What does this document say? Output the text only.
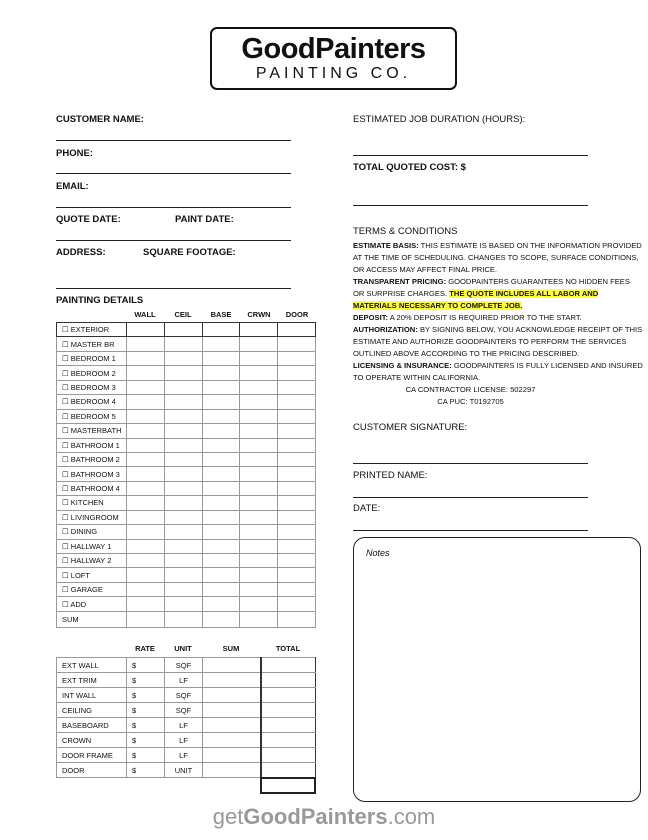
GoodPainters
PAINTING CO.
CUSTOMER NAME:
PHONE:
EMAIL:
QUOTE DATE:	PAINT DATE:
ADDRESS:	SQUARE FOOTAGE:
PAINTING DETAILS
WALL	CEIL	BASE	CRWN	DOOR
☐ EXTERIOR					
☐ MASTER BR					
☐ BEDROOM 1					
☐ BEDROOM 2					
☐ BEDROOM 3					
☐ BEDROOM 4					
☐ BEDROOM 5					
☐ MASTERBATH					
☐ BATHROOM 1					
☐ BATHROOM 2					
☐ BATHROOM 3					
☐ BATHROOM 4					
☐ KITCHEN					
☐ LIVINGROOM					
☐ DINING					
☐ HALLWAY 1					
☐ HALLWAY 2					
☐ LOFT					
☐ GARAGE					
☐ ADD					
SUM					
RATE	UNIT	SUM	TOTAL
EXT WALL	$	SQF		
EXT TRIM	$	LF		
INT WALL	$	SQF		
CEILING	$	SQF		
BASEBOARD	$	LF		
CROWN	$	LF		
DOOR FRAME	$	LF		
DOOR	$	UNIT		
ESTIMATED JOB DURATION (HOURS):
TOTAL QUOTED COST: $
TERMS & CONDITIONS
ESTIMATE BASIS: THIS ESTIMATE IS BASED ON THE INFORMATION PROVIDED AT THE TIME OF SCHEDULING. CHANGES TO SCOPE, SURFACE CONDITIONS, OR ACCESS MAY AFFECT FINAL PRICE.
TRANSPARENT PRICING: GOODPAINTERS GUARANTEES NO HIDDEN FEES OR SURPRISE CHARGES. THE QUOTE INCLUDES ALL LABOR AND MATERIALS NECESSARY TO COMPLETE JOB.
DEPOSIT: A 20% DEPOSIT IS REQUIRED PRIOR TO THE START.
AUTHORIZATION: BY SIGNING BELOW, YOU ACKNOWLEDGE RECEIPT OF THIS ESTIMATE AND AUTHORIZE GOODPAINTERS TO PERFORM THE SERVICES OUTLINED ABOVE ACCORDING TO THE PRICING DESCRIBED.
LICENSING & INSURANCE: GOODPAINTERS IS FULLY LICENSED AND INSURED TO OPERATE WITHIN CALIFORNIA.
CA CONTRACTOR LICENSE: 502297
CA PUC: T0192705
CUSTOMER SIGNATURE:
PRINTED NAME:
DATE:
Notes
getGoodPainters.com
